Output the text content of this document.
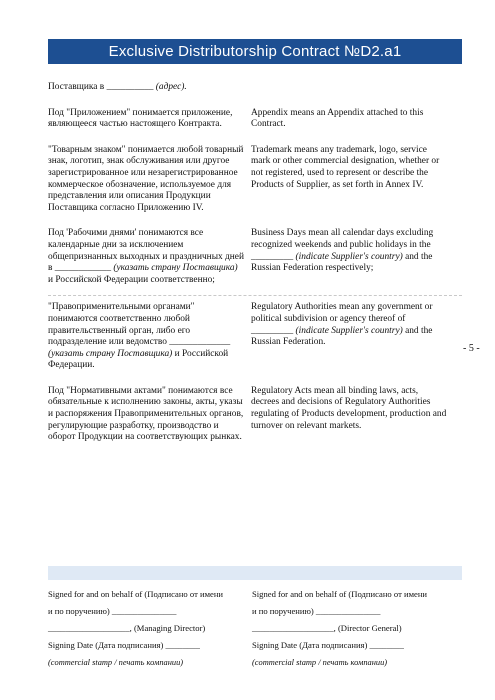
Exclusive Distributorship Contract №D2.a1
- 5 -
Поставщика в __________ (адрес).
Под "Приложением" понимается приложение, являющееся частью настоящего Контракта.
Appendix means an Appendix attached to this Contract.
"Товарным знаком" понимается любой товарный знак, логотип, знак обслуживания или другое зарегистрированное или незарегистрированное коммерческое обозначение, используемое для представления или описания Продукции Поставщика согласно Приложению IV.
Trademark means any trademark, logo, service mark or other commercial designation, whether or not registered, used to represent or describe the Products of Supplier, as set forth in Annex IV.
Под 'Рабочими днями' понимаются все календарные дни за исключением общепризнанных выходных и праздничных дней в ____________ (указать страну Поставщика) и Российской Федерации соответственно;
Business Days mean all calendar days excluding recognized weekends and public holidays in the _________ (indicate Supplier's country) and the Russian Federation respectively;
"Правоприменительными органами" понимаются соответственно любой правительственный орган, либо его подразделение или ведомство _____________ (указать страну Поставщика) и Российской Федерации.
Regulatory Authorities mean any government or political subdivision or agency thereof of _________ (indicate Supplier's country) and the Russian Federation.
Под "Нормативными актами" понимаются все обязательные к исполнению законы, акты, указы и распоряжения Правоприменительных органов, регулирующие разработку, производство и оборот Продукции на соответствующих рынках.
Regulatory Acts mean all binding laws, acts, decrees and decisions of Regulatory Authorities regulating of Products development, production and turnover on relevant markets.
Signed for and on behalf of (Подписано от имени
и по поручению) _______________
___________________, (Managing Director)
Signing Date (Дата подписания) ________
(commercial stamp / печать компании)
Signed for and on behalf of (Подписано от имени
и по поручению) _______________
___________________, (Director General)
Signing Date (Дата подписания) ________
(commercial stamp / печать компании)
